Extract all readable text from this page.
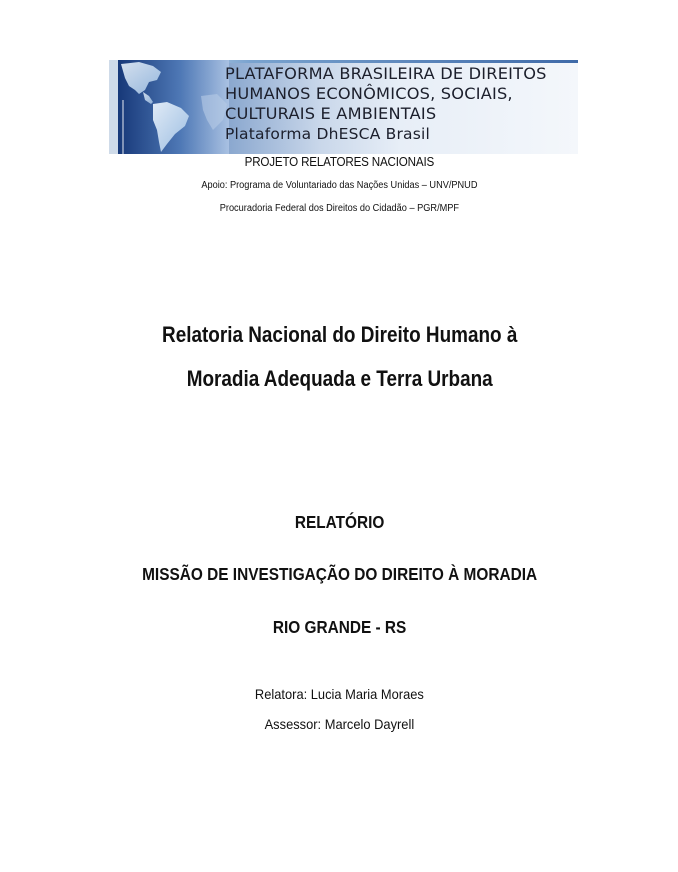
PLATAFORMA BRASILEIRA DE DIREITOS
HUMANOS ECONÔMICOS, SOCIAIS,
CULTURAIS E AMBIENTAIS
Plataforma DhESCA Brasil
PROJETO RELATORES NACIONAIS
Apoio: Programa de Voluntariado das Nações Unidas – UNV/PNUD
Procuradoria Federal dos Direitos do Cidadão – PGR/MPF
Relatoria Nacional do Direito Humano à
Moradia Adequada e Terra Urbana
RELATÓRIO
MISSÃO DE INVESTIGAÇÃO DO DIREITO À MORADIA
RIO GRANDE - RS
Relatora: Lucia Maria Moraes
Assessor: Marcelo Dayrell
